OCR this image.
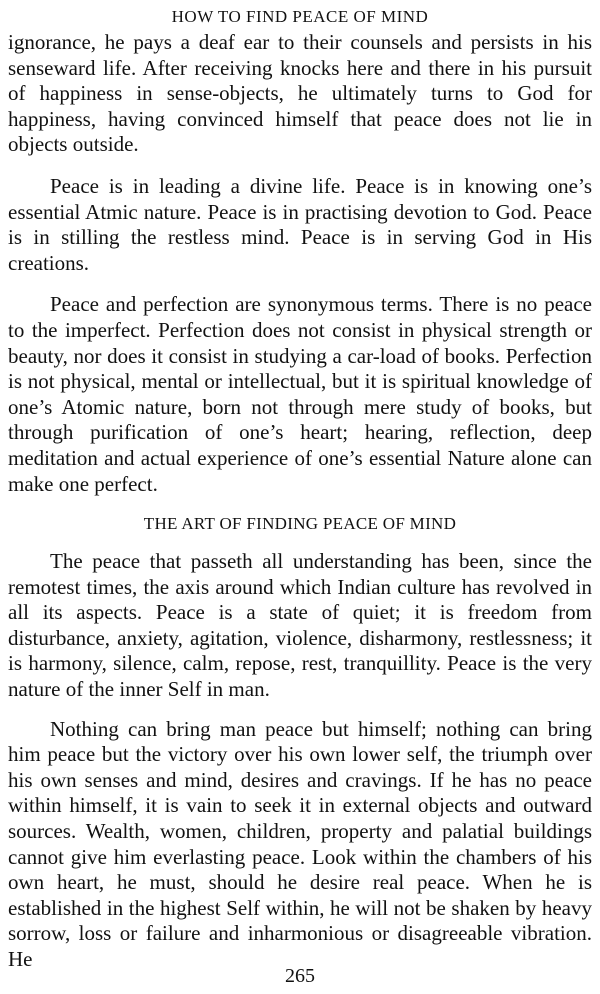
HOW TO FIND PEACE OF MIND

ignorance, he pays a deaf ear to their counsels and persists in his senseward life. After receiving knocks here and there in his pursuit of happiness in sense-objects, he ultimately turns to God for happiness, having convinced himself that peace does not lie in objects outside.

Peace is in leading a divine life. Peace is in knowing one’s essential Atmic nature. Peace is in practising devotion to God. Peace is in stilling the restless mind. Peace is in serving God in His creations.

Peace and perfection are synonymous terms. There is no peace to the imperfect. Perfection does not consist in physical strength or beauty, nor does it consist in studying a car-load of books. Perfection is not physical, mental or intellectual, but it is spiritual knowledge of one’s Atomic nature, born not through mere study of books, but through purification of one’s heart; hearing, reflection, deep meditation and actual experience of one’s essential Nature alone can make one perfect.

THE ART OF FINDING PEACE OF MIND

The peace that passeth all understanding has been, since the remotest times, the axis around which Indian culture has revolved in all its aspects. Peace is a state of quiet; it is freedom from disturbance, anxiety, agitation, violence, disharmony, restlessness; it is harmony, silence, calm, repose, rest, tranquillity. Peace is the very nature of the inner Self in man.

Nothing can bring man peace but himself; nothing can bring him peace but the victory over his own lower self, the triumph over his own senses and mind, desires and cravings. If he has no peace within himself, it is vain to seek it in external objects and outward sources. Wealth, women, children, property and palatial buildings cannot give him everlasting peace. Look within the chambers of his own heart, he must, should he desire real peace. When he is established in the highest Self within, he will not be shaken by heavy sorrow, loss or failure and inharmonious or disagreeable vibration. He

265
